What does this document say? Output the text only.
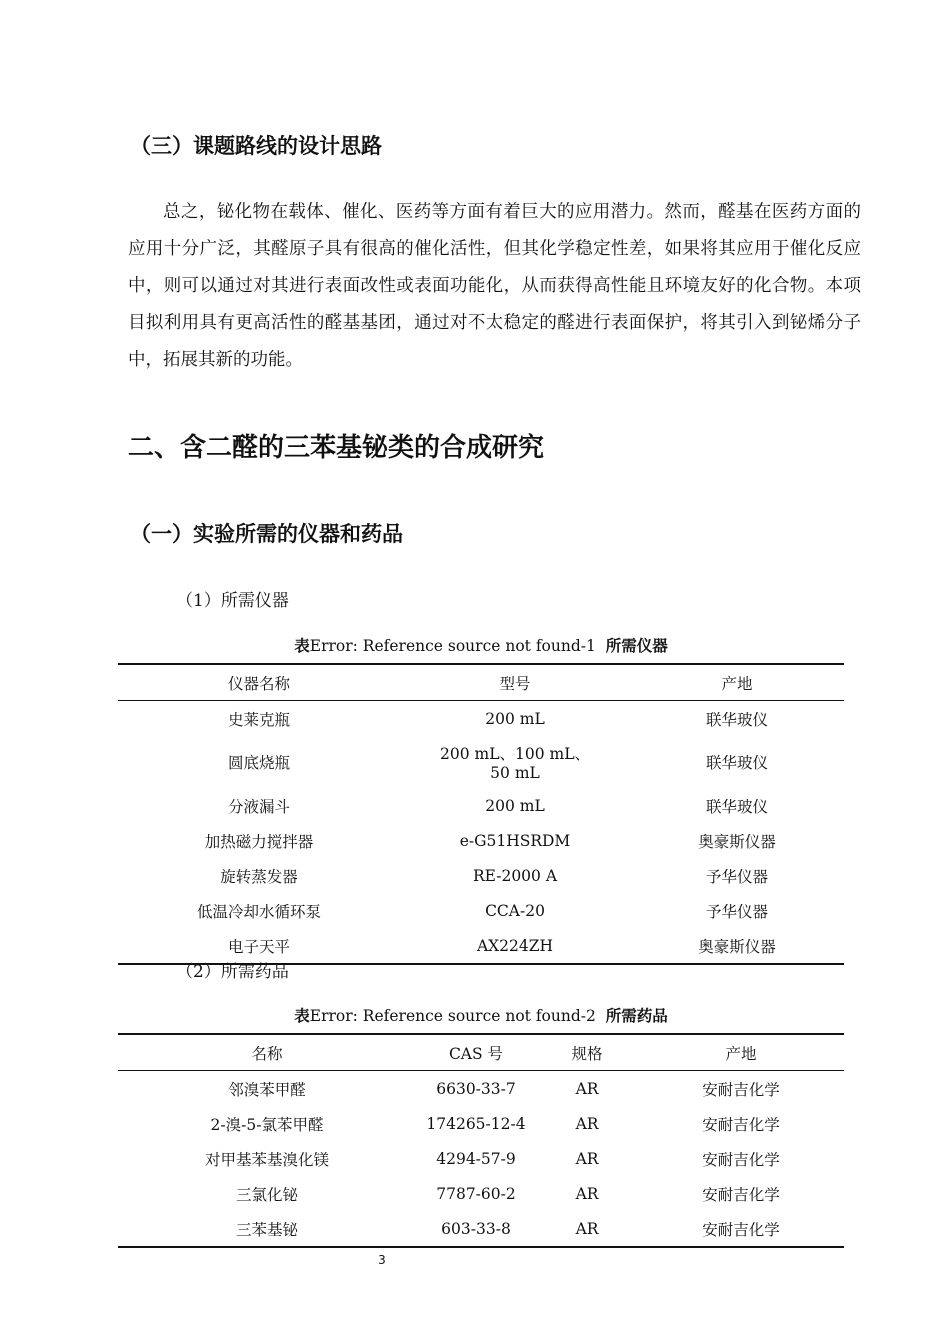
（三）课题路线的设计思路

总之，铋化物在载体、催化、医药等方面有着巨大的应用潜力。然而，醛基在医药方面的应用十分广泛，其醛原子具有很高的催化活性，但其化学稳定性差，如果将其应用于催化反应中，则可以通过对其进行表面改性或表面功能化，从而获得高性能且环境友好的化合物。本项目拟利用具有更高活性的醛基基团，通过对不太稳定的醛进行表面保护，将其引入到铋烯分子中，拓展其新的功能。

二、含二醛的三苯基铋类的合成研究
（一）实验所需的仪器和药品

（1）所需仪器

表Error: Reference source not found-1 所需仪器
仪器名称	型号	产地
史莱克瓶	200 mL	联华玻仪
圆底烧瓶	200 mL、100 mL、50 mL	联华玻仪
分液漏斗	200 mL	联华玻仪
加热磁力搅拌器	e-G51HSRDM	奥豪斯仪器
旋转蒸发器	RE-2000 A	予华仪器
低温冷却水循环泵	CCA-20	予华仪器
电子天平	AX224ZH	奥豪斯仪器

（2）所需药品

表Error: Reference source not found-2 所需药品
名称	CAS 号	规格	产地
邻溴苯甲醛	6630-33-7	AR	安耐吉化学
2-溴-5-氯苯甲醛	174265-12-4	AR	安耐吉化学
对甲基苯基溴化镁	4294-57-9	AR	安耐吉化学
三氯化铋	7787-60-2	AR	安耐吉化学
三苯基铋	603-33-8	AR	安耐吉化学
3
